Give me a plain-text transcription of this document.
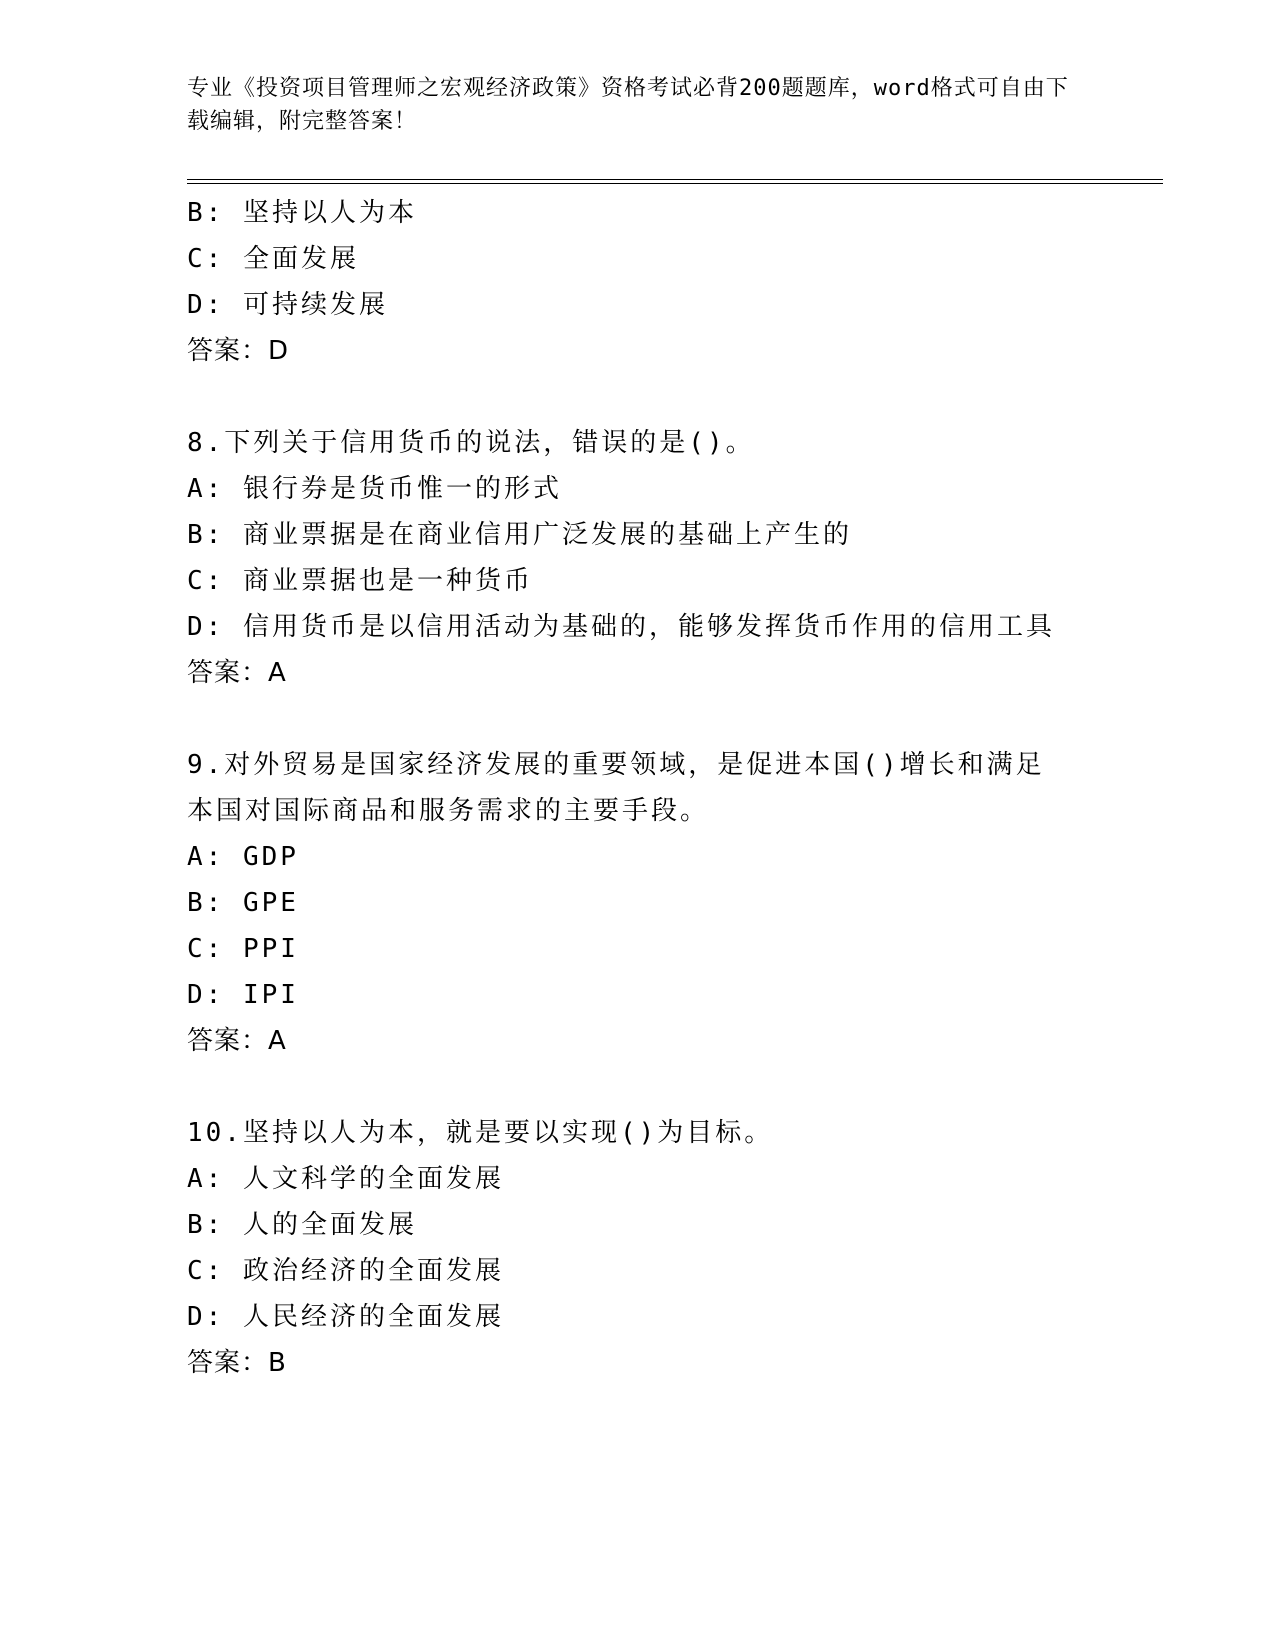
专业《投资项目管理师之宏观经济政策》资格考试必背200题题库，word格式可自由下载编辑，附完整答案！
B: 坚持以人为本
C: 全面发展
D: 可持续发展
答案：D
8.下列关于信用货币的说法，错误的是()。
A: 银行券是货币惟一的形式
B: 商业票据是在商业信用广泛发展的基础上产生的
C: 商业票据也是一种货币
D: 信用货币是以信用活动为基础的，能够发挥货币作用的信用工具
答案：A
9.对外贸易是国家经济发展的重要领域，是促进本国()增长和满足本国对国际商品和服务需求的主要手段。
A: GDP
B: GPE
C: PPI
D: IPI
答案：A
10.坚持以人为本，就是要以实现()为目标。
A: 人文科学的全面发展
B: 人的全面发展
C: 政治经济的全面发展
D: 人民经济的全面发展
答案：B
